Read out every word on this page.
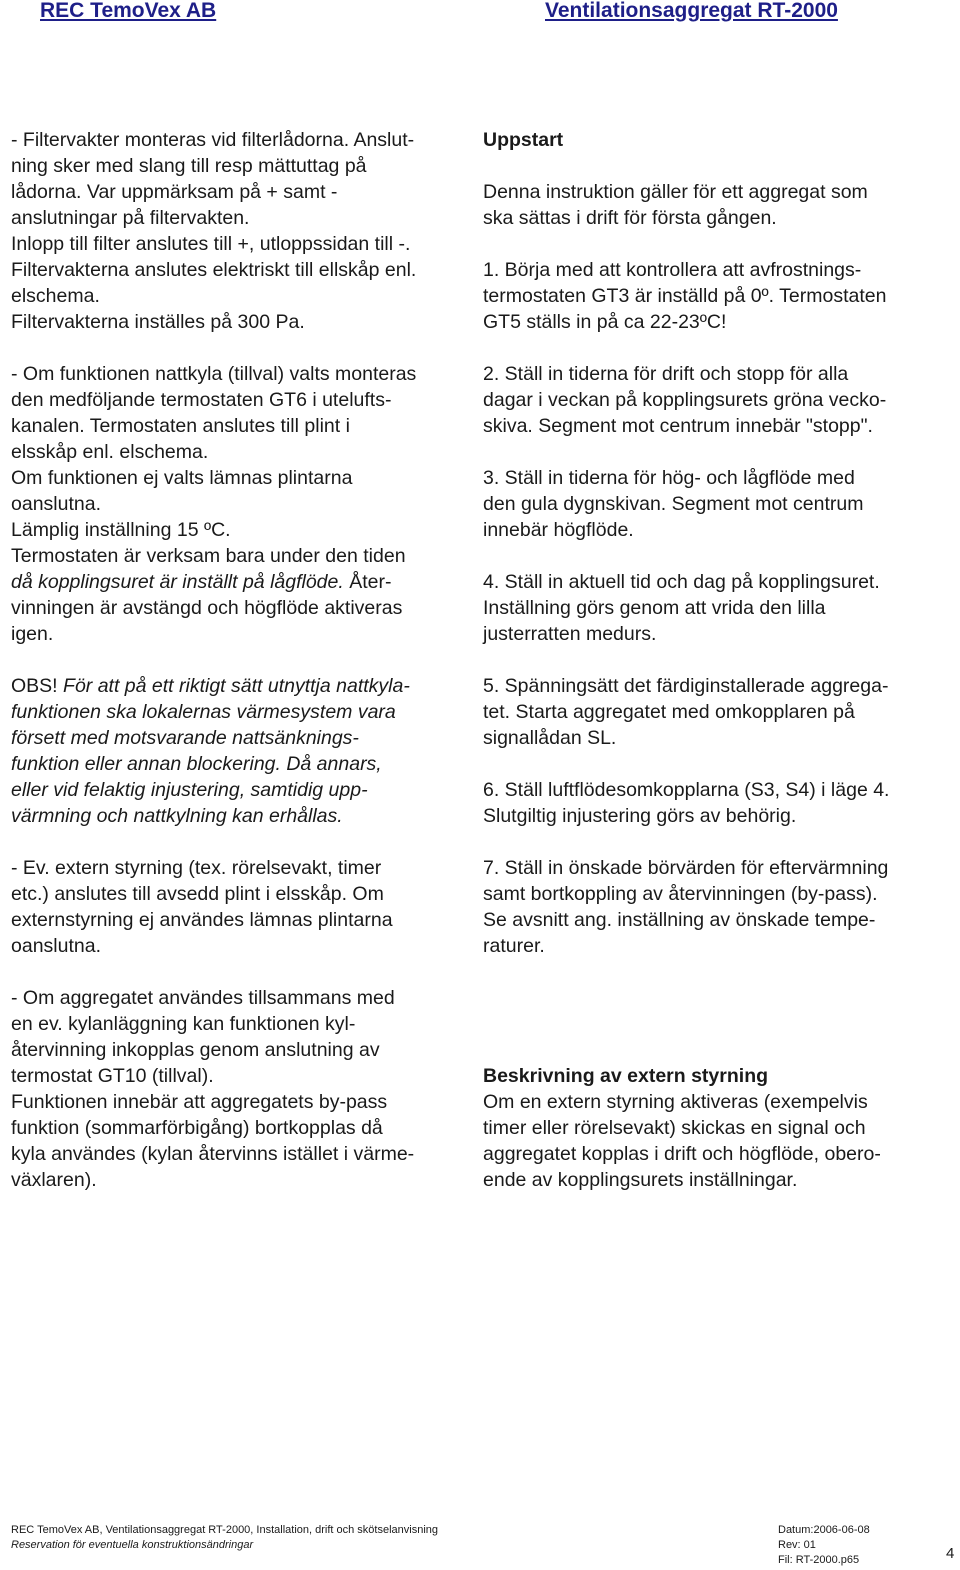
REC TemoVex AB	Ventilationsaggregat RT-2000

- Filtervakter monteras vid filterlådorna. Anslut-

ning sker med slang till resp mättuttag på

lådorna. Var uppmärksam på + samt -

anslutningar på filtervakten.

Inlopp till filter anslutes till +, utloppssidan till -.

Filtervakterna anslutes elektriskt till ellskåp enl.

elschema.

Filtervakterna inställes på 300 Pa.

- Om funktionen nattkyla (tillval) valts monteras

den medföljande termostaten GT6 i utelufts-

kanalen. Termostaten anslutes till plint i

elsskåp enl. elschema.

Om funktionen ej valts lämnas plintarna

oanslutna.

Lämplig inställning 15 ºC.

Termostaten är verksam bara under den tiden

då kopplingsuret är inställt på lågflöde. Åter-

vinningen är avstängd och högflöde aktiveras

igen.

OBS! För att på ett riktigt sätt utnyttja nattkyla-

funktionen ska lokalernas värmesystem vara

försett med motsvarande nattsänknings-

funktion eller annan blockering. Då annars,

eller vid felaktig injustering, samtidig upp-

värmning och nattkylning kan erhållas.

- Ev. extern styrning (tex. rörelsevakt, timer

etc.) anslutes till avsedd plint i elsskåp. Om

externstyrning ej användes lämnas plintarna

oanslutna.

- Om aggregatet användes tillsammans med

en ev. kylanläggning kan funktionen kyl-

återvinning inkopplas genom anslutning av

termostat GT10 (tillval).

Funktionen innebär att aggregatets by-pass

funktion (sommarförbigång) bortkopplas då

kyla användes (kylan återvinns istället i värme-

växlaren).

Uppstart

Denna instruktion gäller för ett aggregat som

ska sättas i drift för första gången.

1. Börja med att kontrollera att avfrostnings-

termostaten GT3 är inställd på 0º. Termostaten

GT5 ställs in på ca 22-23ºC!

2. Ställ in tiderna för drift och stopp för alla

dagar i veckan på kopplingsurets gröna vecko-

skiva. Segment mot centrum innebär "stopp".

3. Ställ in tiderna för hög- och lågflöde med

den gula dygnskivan. Segment mot centrum

innebär högflöde.

4. Ställ in aktuell tid och dag på kopplingsuret.

Inställning görs genom att vrida den lilla

justerratten medurs.

5. Spänningsätt det färdiginstallerade aggrega-

tet. Starta aggregatet med omkopplaren på

signallådan SL.

6. Ställ luftflödesomkopplarna (S3, S4) i läge 4.

Slutgiltig injustering görs av behörig.

7. Ställ in önskade börvärden för eftervärmning

samt bortkoppling av återvinningen (by-pass).

Se avsnitt ang. inställning av önskade tempe-

raturer.

Beskrivning av extern styrning

Om en extern styrning aktiveras (exempelvis

timer eller rörelsevakt) skickas en signal och

aggregatet kopplas i drift och högflöde, obero-

ende av kopplingsurets inställningar.

REC TemoVex AB, Ventilationsaggregat RT-2000, Installation, drift och skötselanvisning
Reservation för eventuella konstruktionsändringar
Datum:2006-06-08
Rev: 01
Fil: RT-2000.p65	4
